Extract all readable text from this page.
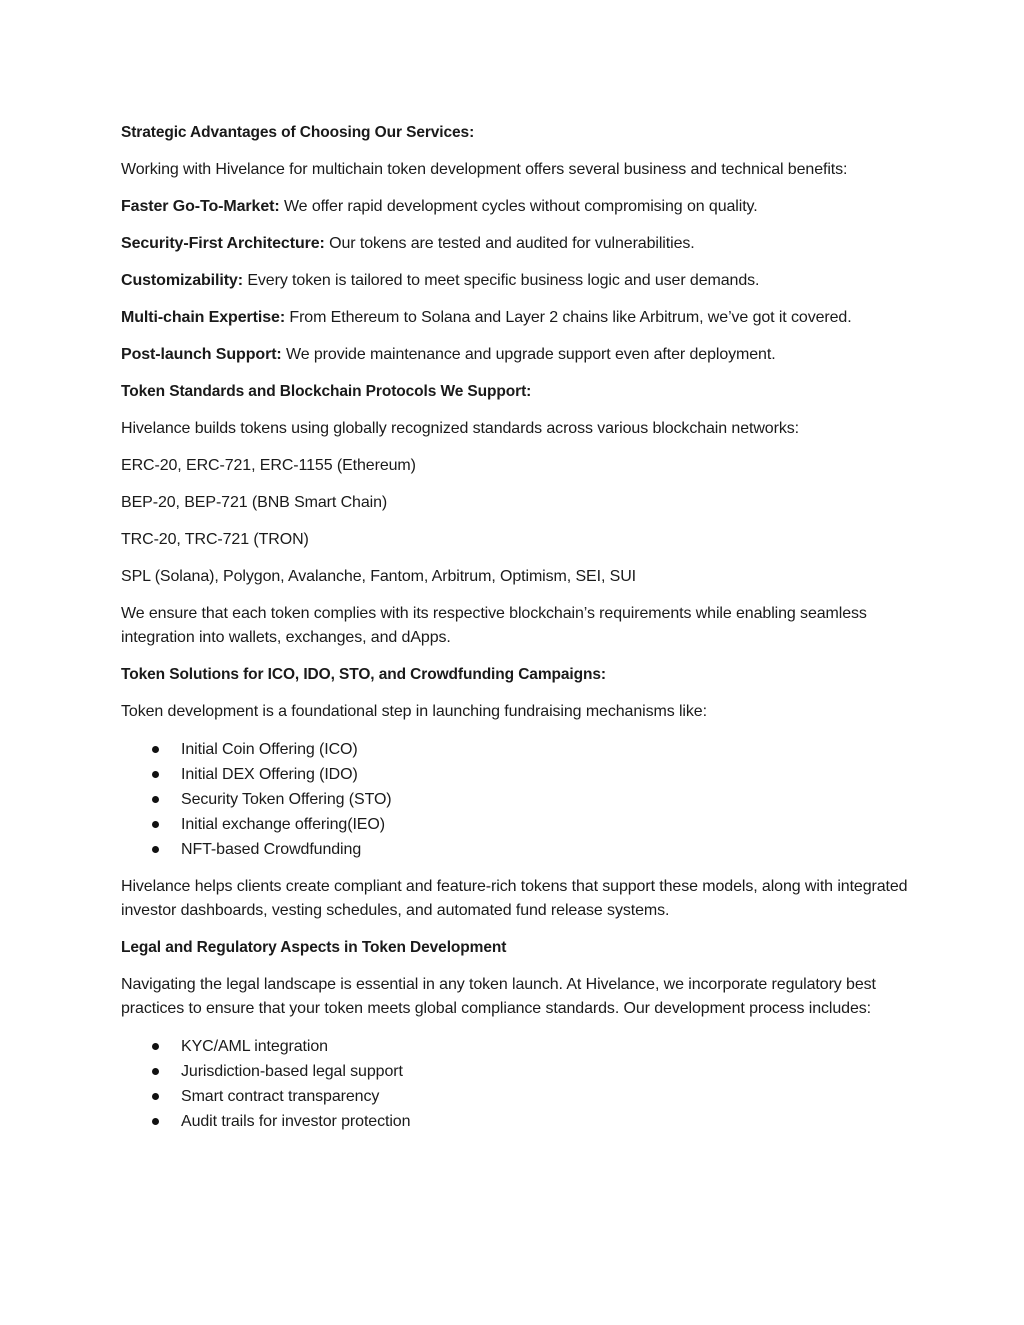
Strategic Advantages of Choosing Our Services:
Working with Hivelance for multichain token development offers several business and technical benefits:
Faster Go-To-Market: We offer rapid development cycles without compromising on quality.
Security-First Architecture: Our tokens are tested and audited for vulnerabilities.
Customizability: Every token is tailored to meet specific business logic and user demands.
Multi-chain Expertise: From Ethereum to Solana and Layer 2 chains like Arbitrum, we’ve got it covered.
Post-launch Support: We provide maintenance and upgrade support even after deployment.
Token Standards and Blockchain Protocols We Support:
Hivelance builds tokens using globally recognized standards across various blockchain networks:
ERC-20, ERC-721, ERC-1155 (Ethereum)
BEP-20, BEP-721 (BNB Smart Chain)
TRC-20, TRC-721 (TRON)
SPL (Solana), Polygon, Avalanche, Fantom, Arbitrum, Optimism, SEI, SUI
We ensure that each token complies with its respective blockchain’s requirements while enabling seamless integration into wallets, exchanges, and dApps.
Token Solutions for ICO, IDO, STO, and Crowdfunding Campaigns:
Token development is a foundational step in launching fundraising mechanisms like:
Initial Coin Offering (ICO)
Initial DEX Offering (IDO)
Security Token Offering (STO)
Initial exchange offering(IEO)
NFT-based Crowdfunding
Hivelance helps clients create compliant and feature-rich tokens that support these models, along with integrated investor dashboards, vesting schedules, and automated fund release systems.
Legal and Regulatory Aspects in Token Development
Navigating the legal landscape is essential in any token launch. At Hivelance, we incorporate regulatory best practices to ensure that your token meets global compliance standards. Our development process includes:
KYC/AML integration
Jurisdiction-based legal support
Smart contract transparency
Audit trails for investor protection
